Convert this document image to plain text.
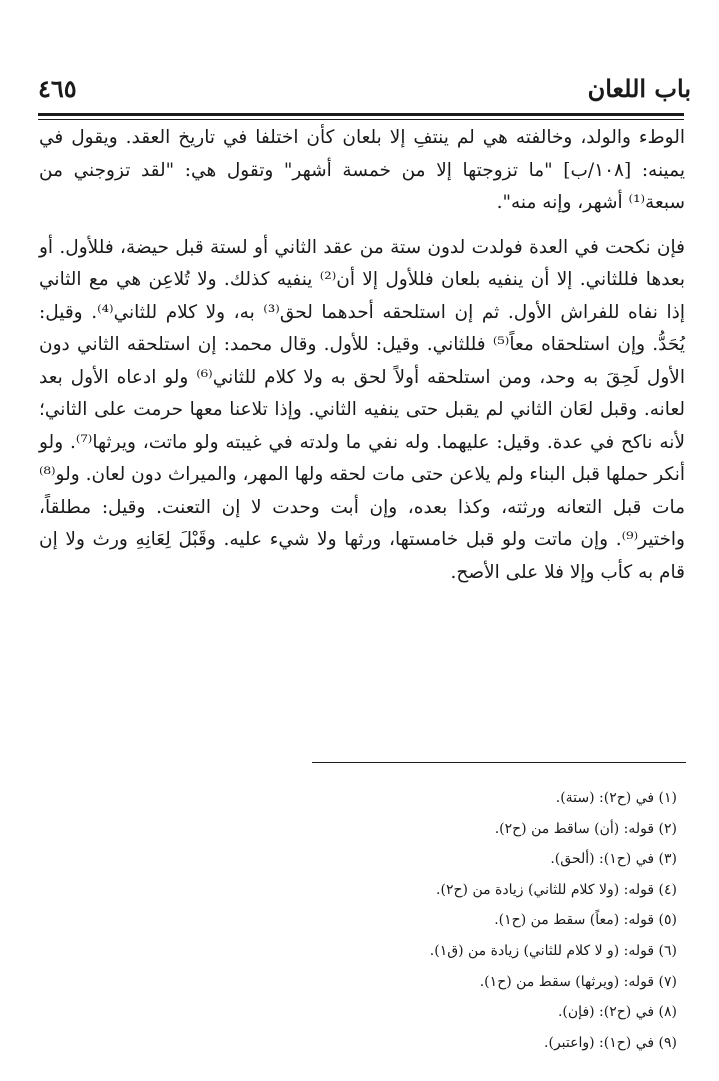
باب اللعان
٤٦٥

الوطء والولد، وخالفته هي لم ينتفِ إلا بلعان كأن اختلفا في تاريخ العقد. ويقول في يمينه: [١٠٨/ب] "ما تزوجتها إلا من خمسة أشهر" وتقول هي: "لقد تزوجني من سبعة⁽¹⁾ أشهر، وإنه منه".

فإن نكحت في العدة فولدت لدون ستة من عقد الثاني أو لستة قبل حيضة، فللأول. أو بعدها فللثاني. إلا أن ينفيه بلعان فللأول إلا أن⁽²⁾ ينفيه كذلك. ولا تُلاعِن هي مع الثاني إذا نفاه للفراش الأول. ثم إن استلحقه أحدهما لحق⁽³⁾ به، ولا كلام للثاني⁽⁴⁾. وقيل: يُحَدُّ. وإن استلحقاه معاً⁽⁵⁾ فللثاني. وقيل: للأول. وقال محمد: إن استلحقه الثاني دون الأول لَحِقَ به وحد، ومن استلحقه أولاً لحق به ولا كلام للثاني⁽⁶⁾ ولو ادعاه الأول بعد لعانه. وقبل لعَان الثاني لم يقبل حتى ينفيه الثاني. وإذا تلاعنا معها حرمت على الثاني؛ لأنه ناكح في عدة. وقيل: عليهما. وله نفي ما ولدته في غيبته ولو ماتت، ويرثها⁽⁷⁾. ولو أنكر حملها قبل البناء ولم يلاعن حتى مات لحقه ولها المهر، والميراث دون لعان. ولو⁽⁸⁾ مات قبل التعانه ورثته، وكذا بعده، وإن أبت وحدت لا إن التعنت. وقيل: مطلقاً، واختير⁽⁹⁾. وإن ماتت ولو قبل خامستها، ورثها ولا شيء عليه. وقَبْلَ لِعَانِهِ ورث ولا إن قام به كأب وإلا فلا على الأصح.

(١) في (ح٢): (ستة).
(٢) قوله: (أن) ساقط من (ح٢).
(٣) في (ح١): (ألحق).
(٤) قوله: (ولا كلام للثاني) زيادة من (ح٢).
(٥) قوله: (معاً) سقط من (ح١).
(٦) قوله: (و لا كلام للثاني) زيادة من (ق١).
(٧) قوله: (ويرثها) سقط من (ح١).
(٨) في (ح٢): (فإن).
(٩) في (ح١): (واعتبر).
